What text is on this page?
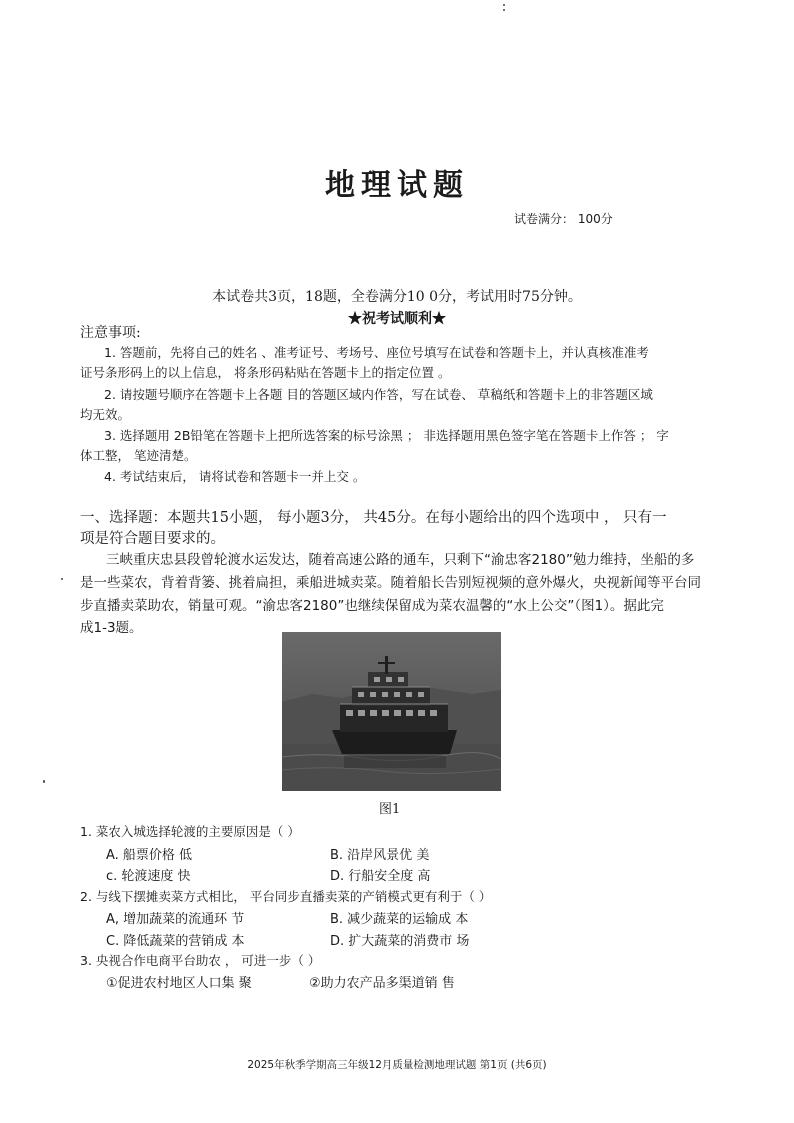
地理试题
试卷满分： 100分
本试卷共3页，18题，全卷满分10 0分，考试用时75分钟。
★祝考试顺利★
注意事项:
1. 答题前，先将自己的姓名 、准考证号、考场号、座位号填写在试卷和答题卡上，并认真核准准考
证号条形码上的以上信息， 将条形码粘贴在答题卡上的指定位置 。
2. 请按题号顺序在答题卡上各题 目的答题区域内作答，写在试卷、 草稿纸和答题卡上的非答题区域
均无效。
3. 选择题用 2B铅笔在答题卡上把所选答案的标号涂黑 ； 非选择题用黑色签字笔在答题卡上作答 ； 字
体工整， 笔迹清楚。
4. 考试结束后， 请将试卷和答题卡一并上交 。
一、选择题：本题共15小题， 每小题3分， 共45分。在每小题给出的四个选项中 ， 只有一
项是符合题目要求的。
三峡重庆忠县段曾轮渡水运发达，随着高速公路的通车，只剩下“渝忠客2180”勉力维持，坐船的多
是一些菜农，背着背篓、挑着扁担，乘船进城卖菜。随着船长告别短视频的意外爆火，央视新闻等平台同
步直播卖菜助农，销量可观。“渝忠客2180”也继续保留成为菜农温馨的“水上公交”（图1）。据此完
成1-3题。
图1
1. 菜农入城选择轮渡的主要原因是（ ）
A. 船票价格 低	B. 沿岸风景优 美
c. 轮渡速度 快	D. 行船安全度 高
2. 与线下摆摊卖菜方式相比， 平台同步直播卖菜的产销模式更有利于（ ）
A, 增加蔬菜的流通环 节	B. 减少蔬菜的运输成 本
C. 降低蔬菜的营销成 本	D. 扩大蔬菜的消费市 场
3. 央视合作电商平台助农 ， 可进一步（ ）
①促进农村地区人口集 聚	②助力农产品多渠道销 售
2025年秋季学期高三年级12月质量检测地理试题 第1页 (共6页)
